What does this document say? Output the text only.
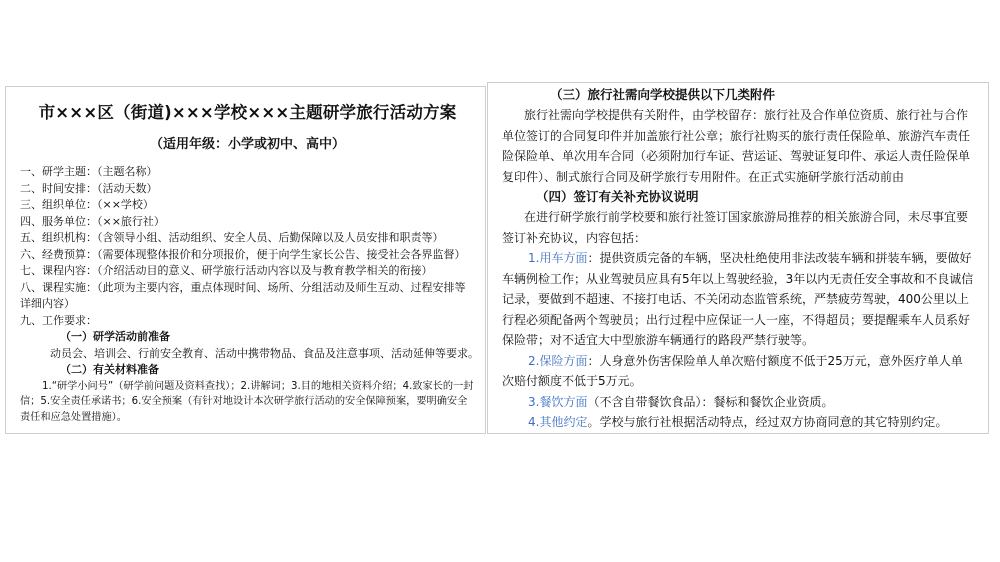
市×××区（街道)×××学校×××主题研学旅行活动方案
（适用年级：小学或初中、高中）
一、研学主题：（主题名称）
二、时间安排：（活动天数）
三、组织单位：（××学校）
四、服务单位：（××旅行社）
五、组织机构：（含领导小组、活动组织、安全人员、后勤保障以及人员安排和职责等）
六、经费预算：（需要体现整体报价和分项报价，便于向学生家长公告、接受社会各界监督）
七、课程内容：（介绍活动目的意义、研学旅行活动内容以及与教育教学相关的衔接）
八、课程实施：（此项为主要内容，重点体现时间、场所、分组活动及师生互动、过程安排等详细内容）
九、工作要求：
（一）研学活动前准备
动员会、培训会、行前安全教育、活动中携带物品、食品及注意事项、活动延伸等要求。
（二）有关材料准备
1.“研学小问号”（研学前问题及资料查找）；2.讲解词；3.目的地相关资料介绍；4.致家长的一封信；5.安全责任承诺书；6.安全预案（有针对地设计本次研学旅行活动的安全保障预案，要明确安全责任和应急处置措施）。
（三）旅行社需向学校提供以下几类附件

旅行社需向学校提供有关附件，由学校留存：旅行社及合作单位资质、旅行社与合作单位签订的合同复印件并加盖旅行社公章；旅行社购买的旅行责任保险单、旅游汽车责任险保险单、单次用车合同（必须附加行车证、营运证、驾驶证复印件、承运人责任险保单复印件）、制式旅行合同及研学旅行专用附件。在正式实施研学旅行活动前由

（四）签订有关补充协议说明

在进行研学旅行前学校要和旅行社签订国家旅游局推荐的相关旅游合同，未尽事宜要签订补充协议，内容包括：

1.用车方面：提供资质完备的车辆，坚决杜绝使用非法改装车辆和拼装车辆，要做好车辆例检工作；从业驾驶员应具有5年以上驾驶经验，3年以内无责任安全事故和不良诚信记录，要做到不超速、不接打电话、不关闭动态监管系统，严禁疲劳驾驶，400公里以上行程必须配备两个驾驶员；出行过程中应保证一人一座，不得超员；要提醒乘车人员系好保险带；对不适宜大中型旅游车辆通行的路段严禁行驶等。

2.保险方面：人身意外伤害保险单人单次赔付额度不低于25万元，意外医疗单人单次赔付额度不低于5万元。

3.餐饮方面（不含自带餐饮食品）：餐标和餐饮企业资质。

4.其他约定。学校与旅行社根据活动特点，经过双方协商同意的其它特别约定。
